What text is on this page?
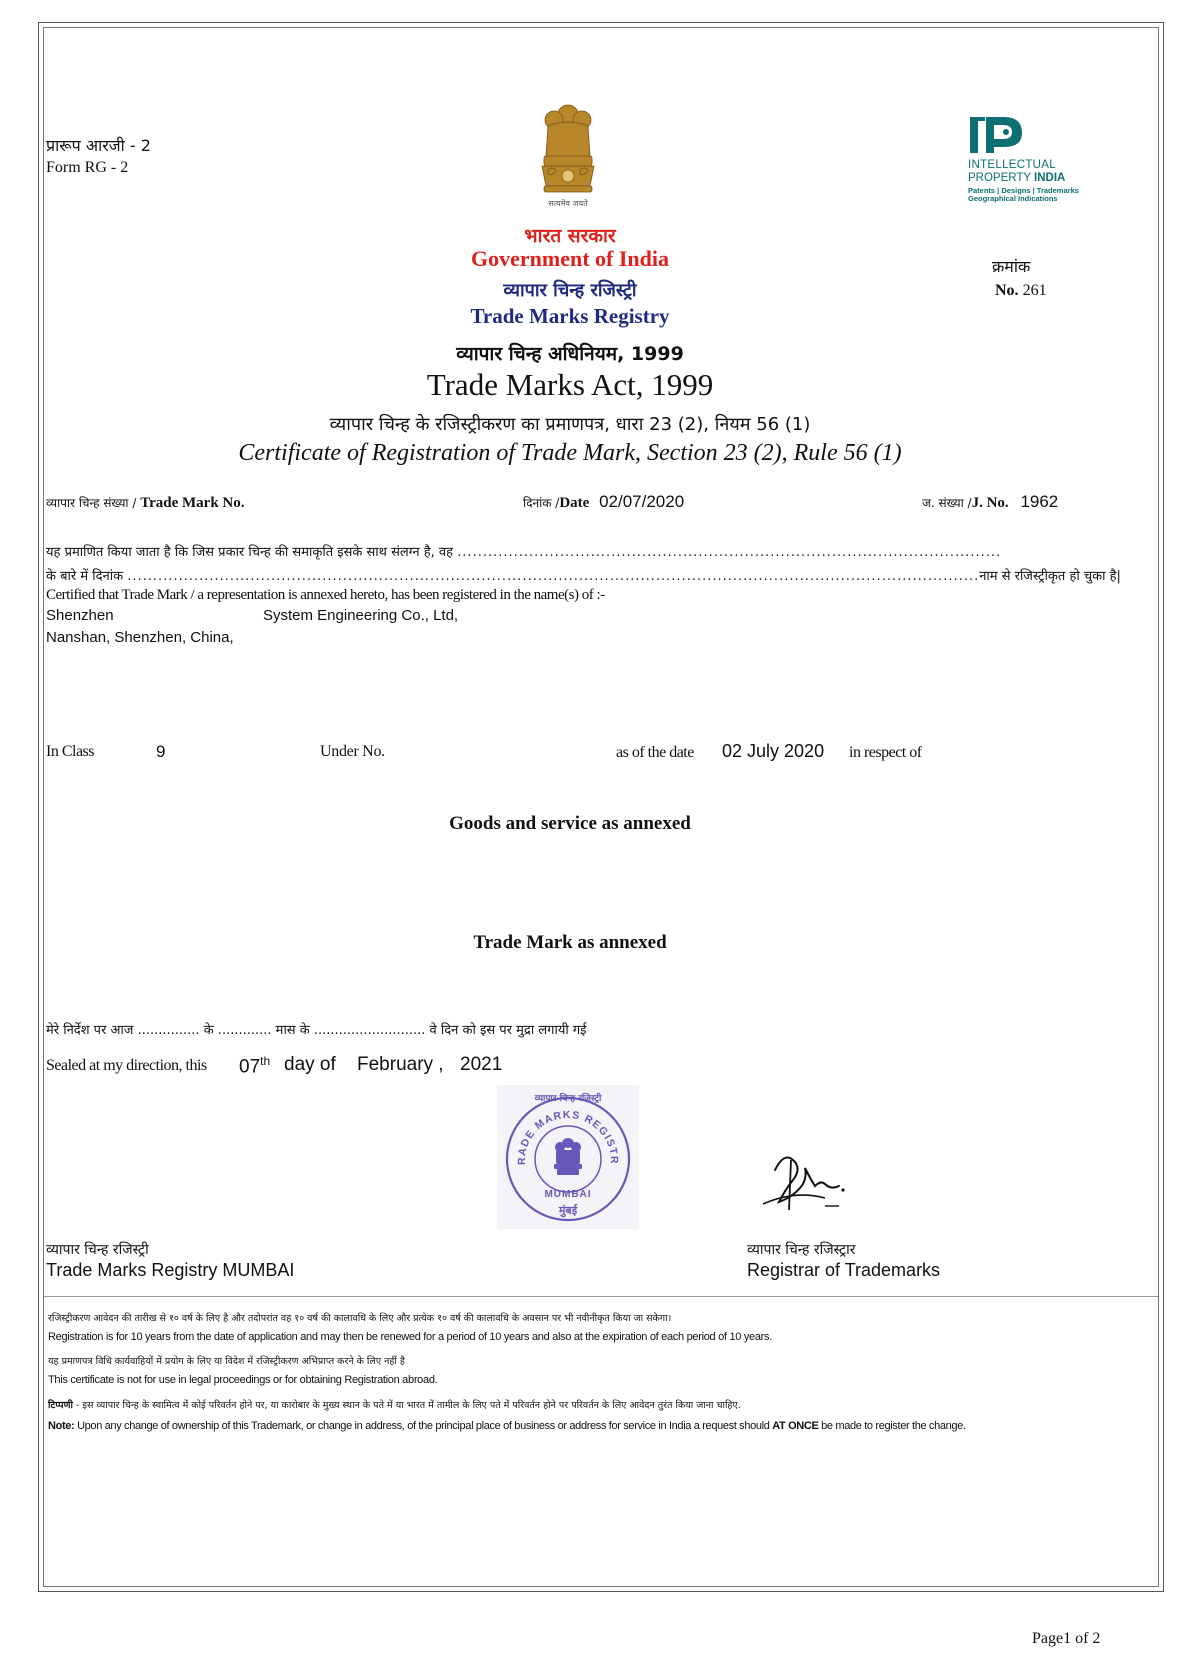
प्रारूप आरजी - 2
Form RG - 2
सत्यमेव जयते
INTELLECTUAL
PROPERTY INDIA
Patents | Designs | Trademarks
Geographical Indications
भारत सरकार
Government of India
व्यापार चिन्ह रजिस्ट्री
Trade Marks Registry
व्यापार चिन्ह अधिनियम, 1999
Trade Marks Act, 1999
व्यापार चिन्ह के रजिस्ट्रीकरण का प्रमाणपत्र, धारा 23 (2), नियम 56 (1)
Certificate of Registration of Trade Mark, Section 23 (2), Rule 56 (1)
क्रमांक
No. 261
व्यापार चिन्ह संख्या / Trade Mark No.	दिनांक /Date 02/07/2020	ज. संख्या /J. No. 1962
यह प्रमाणित किया जाता है कि जिस प्रकार चिन्ह की समाकृति इसके साथ संलग्न है, वह ..........................................................................................................
के बारे में दिनांक ......................................................................................................................................................................नाम से रजिस्ट्रीकृत हो चुका है|
Certified that Trade Mark / a representation is annexed hereto, has been registered in the name(s) of :-
Shenzhen	System Engineering Co., Ltd,
Nanshan, Shenzhen, China,
In Class	9	Under No.	as of the date 02 July 2020 in respect of
Goods and service as annexed
Trade Mark as annexed
मेरे निर्देश पर आज ............... के ............. मास के ........................... वे दिन को इस पर मुद्रा लगायी गई
Sealed at my direction, this 07th day of February , 2021
RADE MARKS REGISTR
MUMBAI
व्यापार चिन्ह रजिस्ट्री
मुंबई
व्यापार चिन्ह रजिस्ट्री
Trade Marks Registry MUMBAI
व्यापार चिन्ह रजिस्ट्रार
Registrar of Trademarks
रजिस्ट्रीकरण आवेदन की तारीख से १० वर्ष के लिए है और तदोपरांत वह १० वर्ष की कालावधि के लिए और प्रत्येक १० वर्ष की कालावधि के अवसान पर भी नवीनीकृत किया जा सकेगा।
Registration is for 10 years from the date of application and may then be renewed for a period of 10 years and also at the expiration of each period of 10 years.
यह प्रमाणपत्र विधि कार्यवाहियों में प्रयोग के लिए या विदेश में रजिस्ट्रीकरण अभिप्राप्त करने के लिए नहीं है
This certificate is not for use in legal proceedings or for obtaining Registration abroad.
टिप्पणी - इस व्यापार चिन्ह के स्वामित्व में कोई परिवर्तन होने पर, या कारोबार के मुख्य स्थान के पते में या भारत में तामील के लिए पते में परिवर्तन होने पर परिवर्तन के लिए आवेदन तुरंत किया जाना चाहिए.
Note: Upon any change of ownership of this Trademark, or change in address, of the principal place of business or address for service in India a request should AT ONCE be made to register the change.
Page1 of 2
